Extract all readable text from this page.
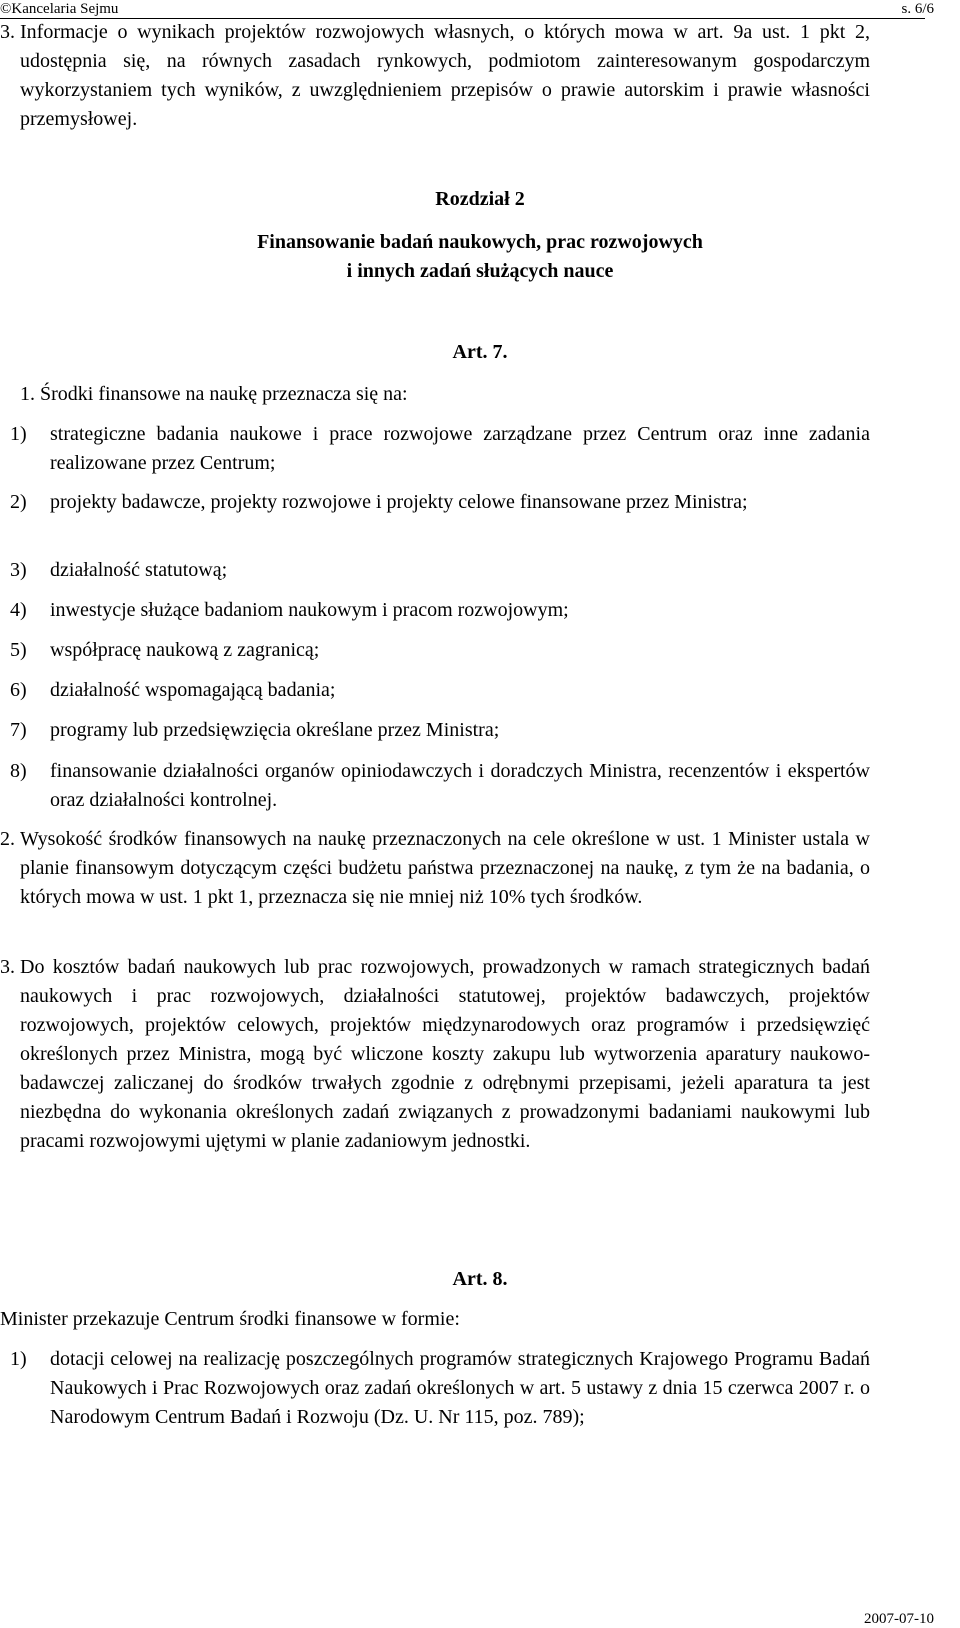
©Kancelaria Sejmu	s. 6/6
3. Informacje o wynikach projektów rozwojowych własnych, o których mowa w art. 9a ust. 1 pkt 2, udostępnia się, na równych zasadach rynkowych, podmiotom zainteresowanym gospodarczym wykorzystaniem tych wyników, z uwzględnieniem przepisów o prawie autorskim i prawie własności przemysłowej.
Rozdział 2
Finansowanie badań naukowych, prac rozwojowych
i innych zadań służących nauce
Art. 7.
1. Środki finansowe na naukę przeznacza się na:
1) strategiczne badania naukowe i prace rozwojowe zarządzane przez Centrum oraz inne zadania realizowane przez Centrum;
2) projekty badawcze, projekty rozwojowe i projekty celowe finansowane przez Ministra;
3) działalność statutową;
4) inwestycje służące badaniom naukowym i pracom rozwojowym;
5) współpracę naukową z zagranicą;
6) działalność wspomagającą badania;
7) programy lub przedsięwzięcia określane przez Ministra;
8) finansowanie działalności organów opiniodawczych i doradczych Ministra, recenzentów i ekspertów oraz działalności kontrolnej.
2. Wysokość środków finansowych na naukę przeznaczonych na cele określone w ust. 1 Minister ustala w planie finansowym dotyczącym części budżetu państwa przeznaczonej na naukę, z tym że na badania, o których mowa w ust. 1 pkt 1, przeznacza się nie mniej niż 10% tych środków.
3. Do kosztów badań naukowych lub prac rozwojowych, prowadzonych w ramach strategicznych badań naukowych i prac rozwojowych, działalności statutowej, projektów badawczych, projektów rozwojowych, projektów celowych, projektów międzynarodowych oraz programów i przedsięwzięć określonych przez Ministra, mogą być wliczone koszty zakupu lub wytworzenia aparatury naukowo-badawczej zaliczanej do środków trwałych zgodnie z odrębnymi przepisami, jeżeli aparatura ta jest niezbędna do wykonania określonych zadań związanych z prowadzonymi badaniami naukowymi lub pracami rozwojowymi ujętymi w planie zadaniowym jednostki.
Art. 8.
Minister przekazuje Centrum środki finansowe w formie:
1) dotacji celowej na realizację poszczególnych programów strategicznych Krajowego Programu Badań Naukowych i Prac Rozwojowych oraz zadań określonych w art. 5 ustawy z dnia 15 czerwca 2007 r. o Narodowym Centrum Badań i Rozwoju (Dz. U. Nr 115, poz. 789);
2007-07-10
